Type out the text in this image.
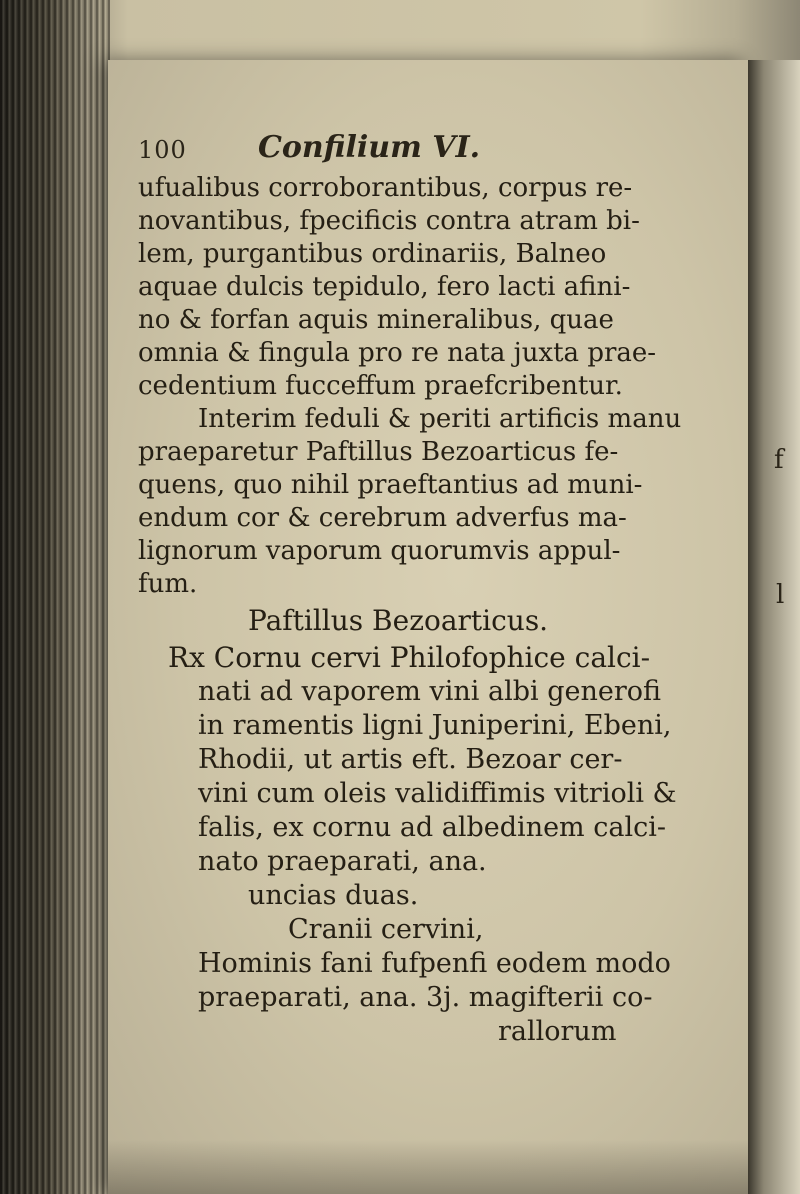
100 Confilium VI.
ufualibus corroborantibus, corpus re-
novantibus, fpecificis contra atram bi-
lem, purgantibus ordinariis, Balneo
aquae dulcis tepidulo, fero lacti afini-
no & forfan aquis mineralibus, quae
omnia & fingula pro re nata juxta prae-
cedentium fucceffum praefcribentur.
Interim feduli & periti artificis manu
praeparetur Paftillus Bezoarticus fe-
quens, quo nihil praeftantius ad muni-
endum cor & cerebrum adverfus ma-
lignorum vaporum quorumvis appul-
fum.
Paftillus Bezoarticus.
Rx Cornu cervi Philofophice calci-
nati ad vaporem vini albi generofi
in ramentis ligni Juniperini, Ebeni,
Rhodii, ut artis eft. Bezoar cer-
vini cum oleis validiffimis vitrioli &
falis, ex cornu ad albedinem calci-
nato praeparati, ana.
uncias duas.
Cranii cervini,
Hominis fani fufpenfi eodem modo
praeparati, ana. 3j. magifterii co-
rallorum
f
l
